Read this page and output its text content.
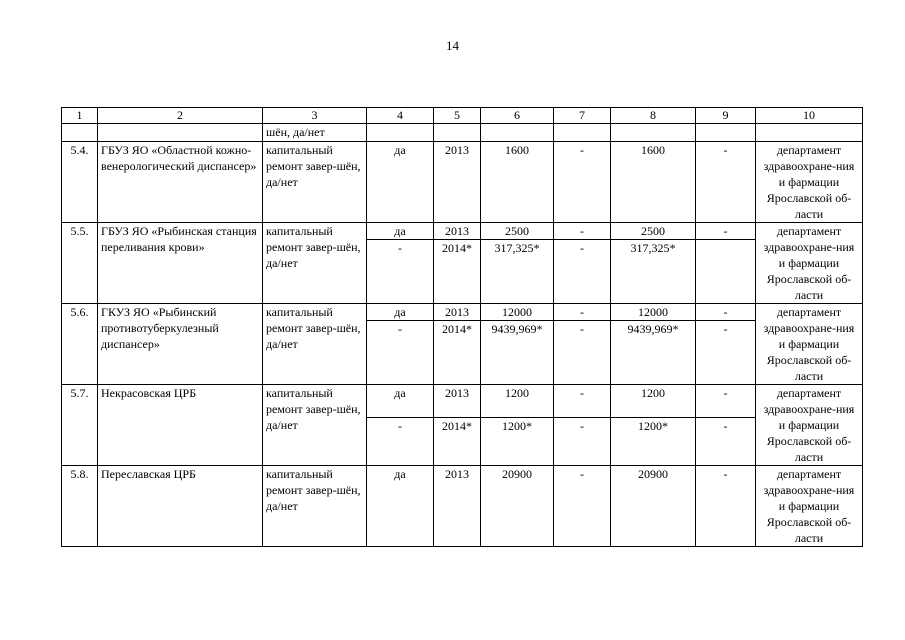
14
1	2	3	4	5	6	7	8	9	10
		шён, да/нет							
5.4.	ГБУЗ ЯО «Областной кожно-венерологический диспансер»	капитальный ремонт завер-шён, да/нет	да	2013	1600	-	1600	-	департамент здравоохране-ния и фармации Ярославской об-ласти
5.5.	ГБУЗ ЯО «Рыбинская станция переливания крови»	капитальный ремонт завер-шён, да/нет	да	2013	2500	-	2500	-	департамент здравоохране-ния и фармации Ярославской об-ласти
			-	2014*	317,325*	-	317,325*		
5.6.	ГКУЗ ЯО «Рыбинский противотуберкулезный диспансер»	капитальный ремонт завер-шён, да/нет	да	2013	12000	-	12000	-	департамент здравоохране-ния и фармации Ярославской об-ласти
			-	2014*	9439,969*	-	9439,969*	-	
5.7.	Некрасовская ЦРБ	капитальный ремонт завер-шён, да/нет	да	2013	1200	-	1200	-	департамент здравоохране-ния и фармации Ярославской об-ласти
			-	2014*	1200*	-	1200*	-	
5.8.	Переславская ЦРБ	капитальный ремонт завер-шён, да/нет	да	2013	20900	-	20900	-	департамент здравоохране-ния и фармации Ярославской об-ласти
